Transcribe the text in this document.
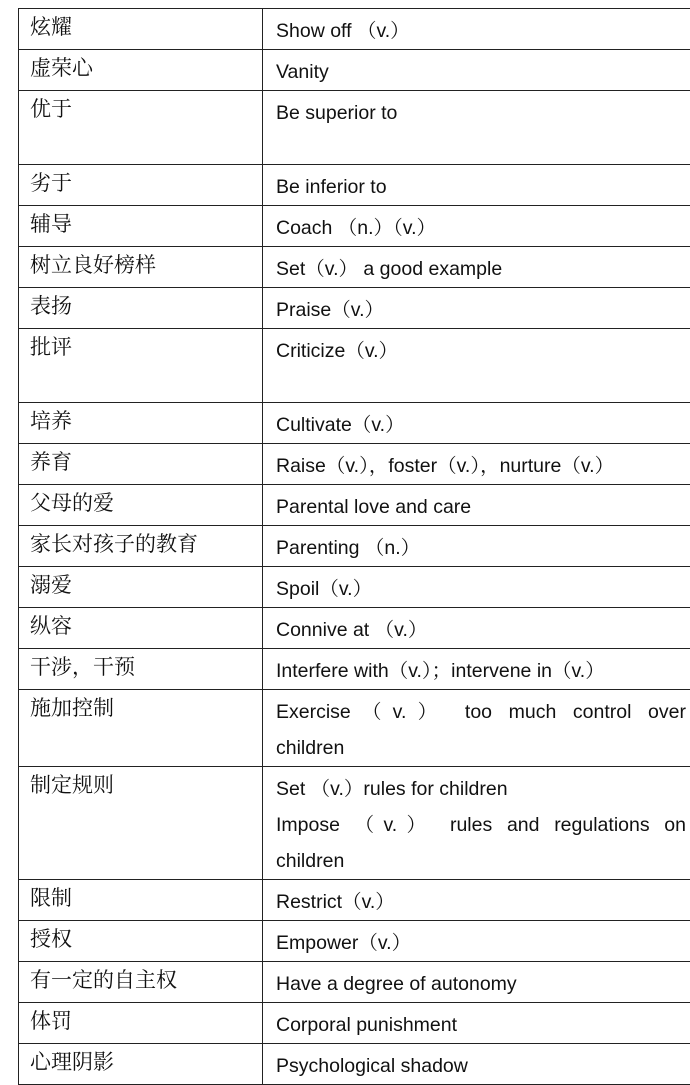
炫耀	Show off （v.）

虚荣心	Vanity

优于	Be superior to

劣于	Be inferior to

辅导	Coach （n.）（v.）

树立良好榜样	Set（v.） a good example

表扬	Praise（v.）

批评	Criticize（v.）

培养	Cultivate（v.）

养育	Raise（v.），foster（v.），nurture（v.）

父母的爱	Parental love and care

家长对孩子的教育	Parenting （n.）

溺爱	Spoil（v.）

纵容	Connive at （v.）

干涉，干预	Interfere with（v.）；intervene in（v.）

施加控制	Exercise（v.） too much control over
children

制定规则	Set （v.）rules for children
Impose （v.） rules and regulations on
children

限制	Restrict（v.）

授权	Empower（v.）

有一定的自主权	Have a degree of autonomy

体罚	Corporal punishment

心理阴影	Psychological shadow
